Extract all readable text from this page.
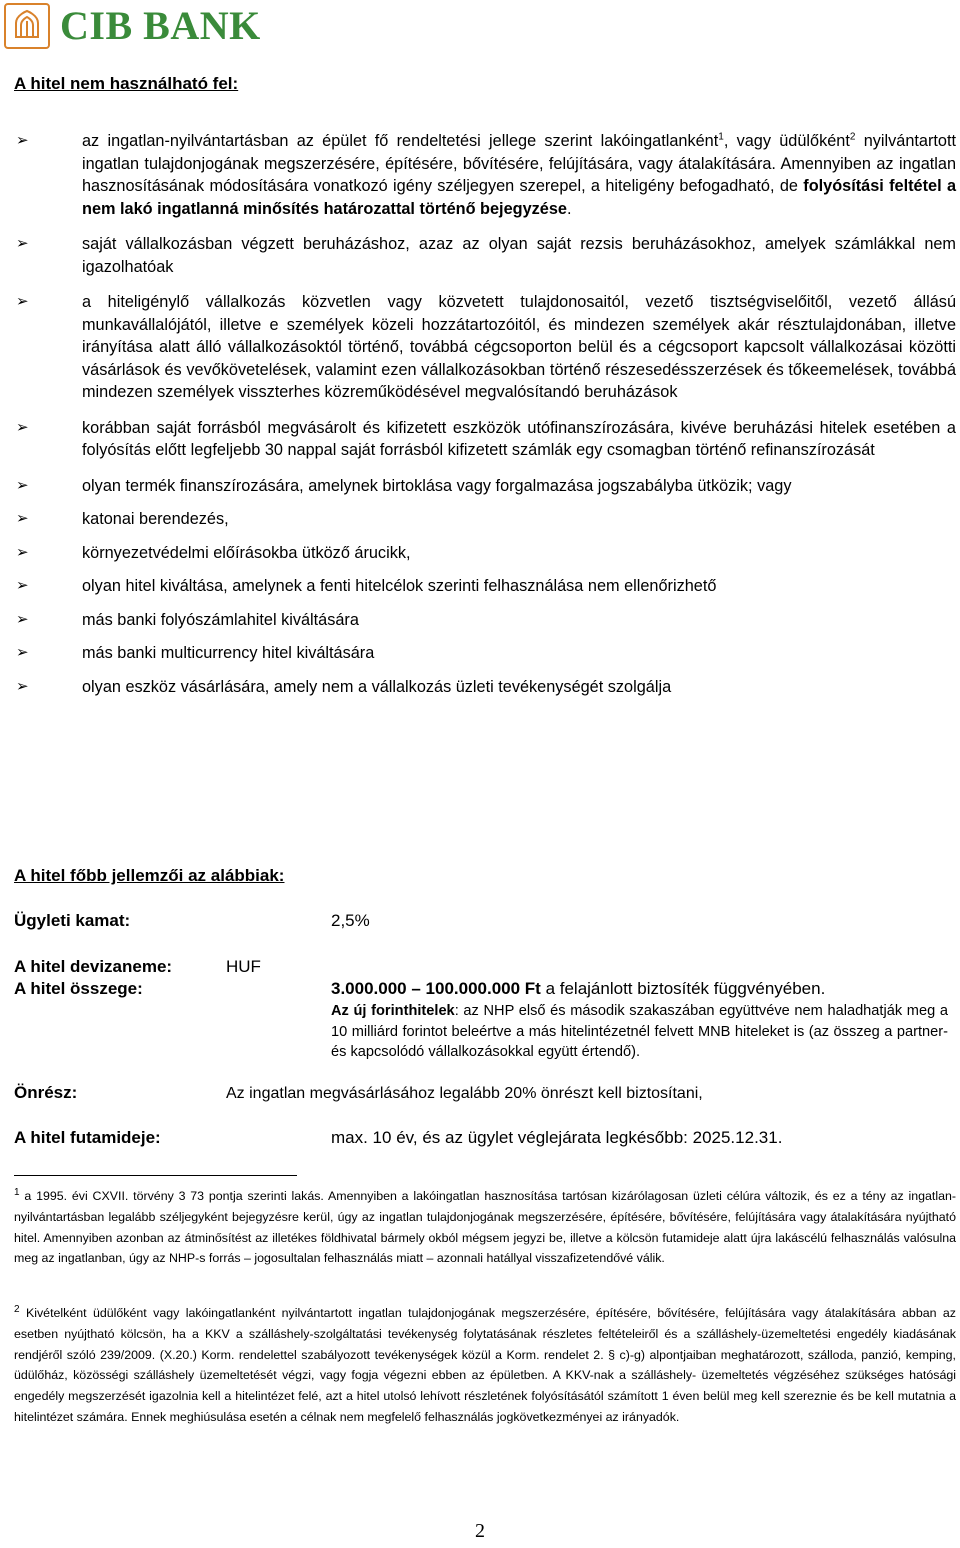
CIB BANK
A hitel nem használható fel:
➢	az ingatlan-nyilvántartásban az épület fő rendeltetési jellege szerint lakóingatlanként$^1$, vagy üdülőként$^2$ nyilvántartott ingatlan tulajdonjogának megszerzésére, építésére, bővítésére, felújítására, vagy átalakítására. Amennyiben az ingatlan hasznosításának módosítására vonatkozó igény széljegyen szerepel, a hiteligény befogadható, de folyósítási feltétel a nem lakó ingatlanná minősítés határozattal történő bejegyzése.
➢	saját vállalkozásban végzett beruházáshoz, azaz az olyan saját rezsis beruházásokhoz, amelyek számlákkal nem igazolhatóak
➢	a hiteligénylő vállalkozás közvetlen vagy közvetett tulajdonosaitól, vezető tisztségviselőitől, vezető állású munkavállalójától, illetve e személyek közeli hozzátartozóitól, és mindezen személyek akár résztulajdonában, illetve irányítása alatt álló vállalkozásoktól történő, továbbá cégcsoporton belül és a cégcsoport kapcsolt vállalkozásai közötti vásárlások és vevőkövetelések, valamint ezen vállalkozásokban történő részesedésszerzések és tőkeemelések, továbbá mindezen személyek visszterhes közreműködésével megvalósítandó beruházások
➢	korábban saját forrásból megvásárolt és kifizetett eszközök utófinanszírozására, kivéve beruházási hitelek esetében a folyósítás előtt legfeljebb 30 nappal saját forrásból kifizetett számlák egy csomagban történő refinanszírozását
➢	olyan termék finanszírozására, amelynek birtoklása vagy forgalmazása jogszabályba ütközik; vagy
➢	katonai berendezés,
➢	környezetvédelmi előírásokba ütköző árucikk,
➢	olyan hitel kiváltása, amelynek a fenti hitelcélok szerinti felhasználása nem ellenőrizhető
➢	más banki folyószámlahitel kiváltására
➢	más banki multicurrency hitel kiváltására
➢	olyan eszköz vásárlására, amely nem a vállalkozás üzleti tevékenységét szolgálja
A hitel főbb jellemzői az alábbiak:
Ügyleti kamat:	2,5%
A hitel devizaneme:	HUF
A hitel összege:	3.000.000 – 100.000.000 Ft a felajánlott biztosíték függvényében.
Az új forinthitelek: az NHP első és második szakaszában együttvéve nem haladhatják meg a 10 milliárd forintot beleértve a más hitelintézetnél felvett MNB hiteleket is (az összeg a partner- és kapcsolódó vállalkozásokkal együtt értendő).
Önrész:	Az ingatlan megvásárlásához legalább 20% önrészt kell biztosítani,
A hitel futamideje:	max. 10 év, és az ügylet véglejárata legkésőbb: 2025.12.31.
$^1$ a 1995. évi CXVII. törvény 3 73 pontja szerinti lakás. Amennyiben a lakóingatlan hasznosítása tartósan kizárólagosan üzleti célúra változik, és ez a tény az ingatlan-nyilvántartásban legalább széljegyként bejegyzésre kerül, úgy az ingatlan tulajdonjogának megszerzésére, építésére, bővítésére, felújítására vagy átalakítására nyújtható hitel. Amennyiben azonban az átminősítést az illetékes földhivatal bármely okból mégsem jegyzi be, illetve a kölcsön futamideje alatt újra lakáscélú felhasználás valósulna meg az ingatlanban, úgy az NHP-s forrás – jogosultalan felhasználás miatt – azonnali hatállyal visszafizetendővé válik.
$^2$ Kivételként üdülőként vagy lakóingatlanként nyilvántartott ingatlan tulajdonjogának megszerzésére, építésére, bővítésére, felújítására vagy átalakítására abban az esetben nyújtható kölcsön, ha a KKV a szálláshely-szolgáltatási tevékenység folytatásának részletes feltételeiről és a szálláshely-üzemeltetési engedély kiadásának rendjéről szóló 239/2009. (X.20.) Korm. rendelettel szabályozott tevékenységek közül a Korm. rendelet 2. § c)-g) alpontjaiban meghatározott, szálloda, panzió, kemping, üdülőház, közösségi szálláshely üzemeltetését végzi, vagy fogja végezni ebben az épületben. A KKV-nak a szálláshely- üzemeltetés végzéséhez szükséges hatósági engedély megszerzését igazolnia kell a hitelintézet felé, azt a hitel utolsó lehívott részletének folyósításától számított 1 éven belül meg kell szereznie és be kell mutatnia a hitelintézet számára. Ennek meghiúsulása esetén a célnak nem megfelelő felhasználás jogkövetkezményei az irányadók.
2
